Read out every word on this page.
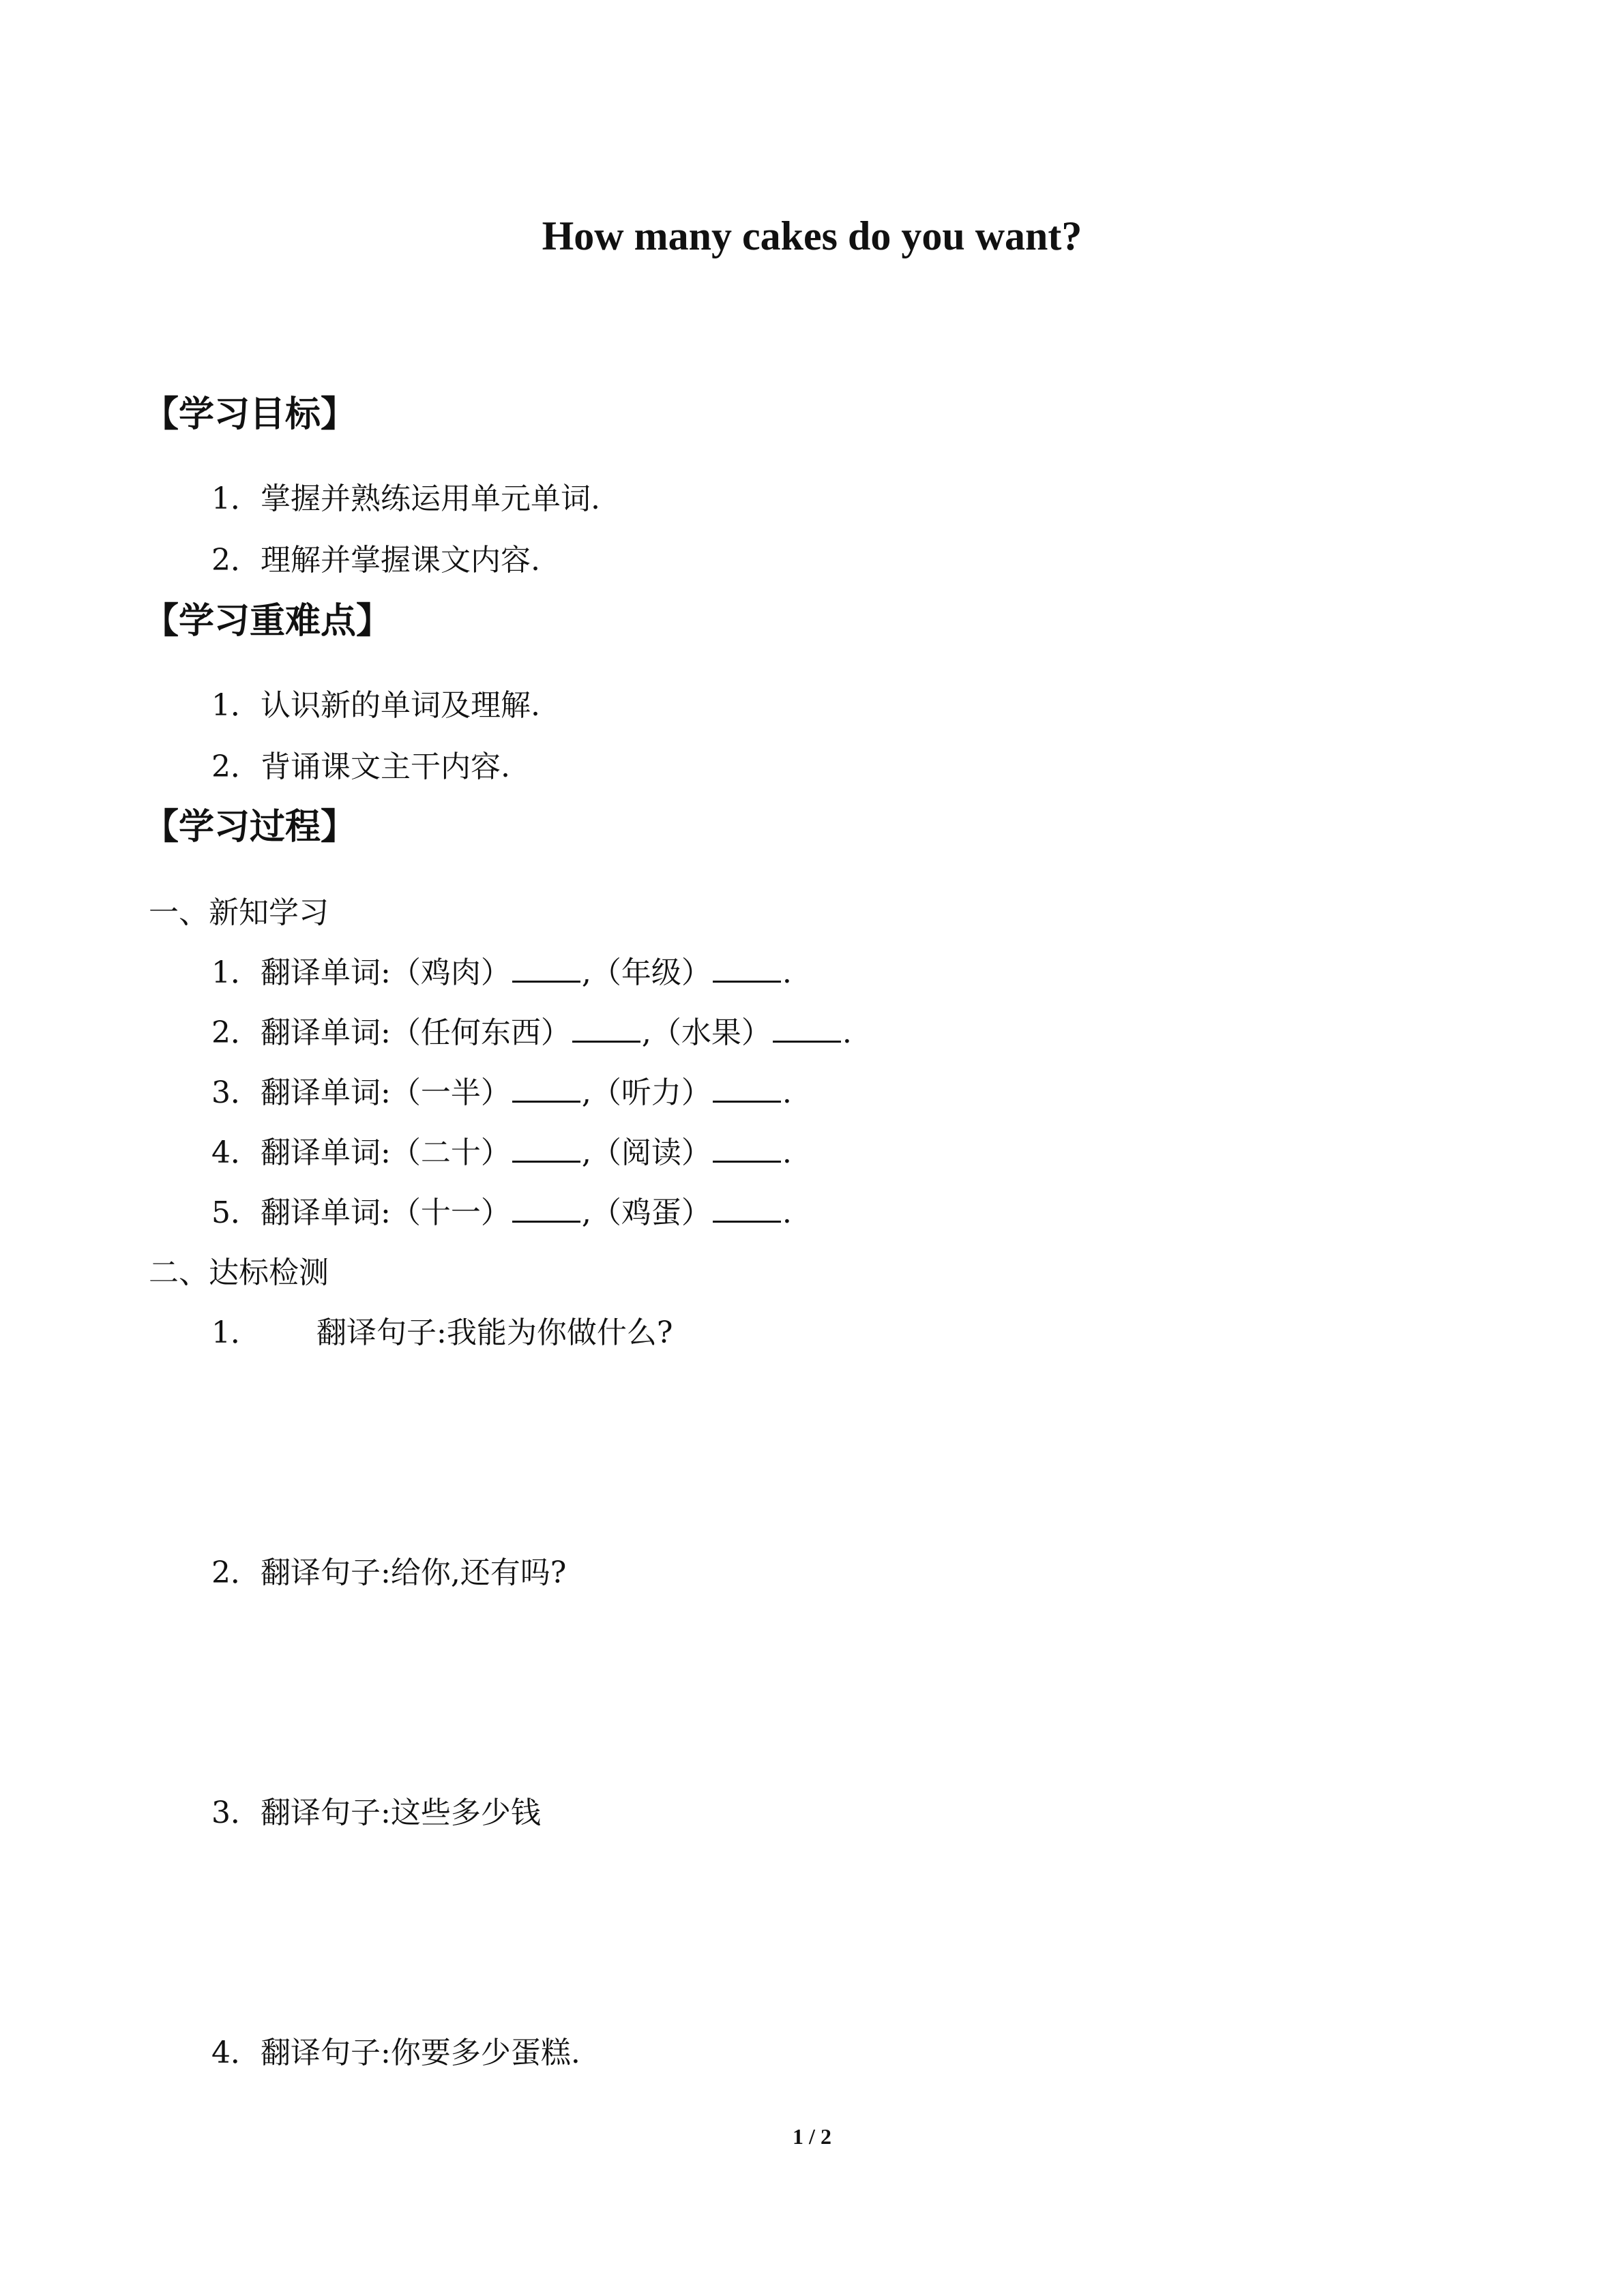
How many cakes do you want?
【学习目标】
1．掌握并熟练运用单元单词.
2．理解并掌握课文内容.
【学习重难点】
1．认识新的单词及理解.
2．背诵课文主干内容.
【学习过程】
一、新知学习
1．翻译单词:（鸡肉） ,（年级） .
2．翻译单词:（任何东西） ,（水果） .
3．翻译单词:（一半） ,（听力） .
4．翻译单词:（二十） ,（阅读） .
5．翻译单词:（十一） ,（鸡蛋） .
二、达标检测
1． 翻译句子:我能为你做什么?
2．翻译句子:给你,还有吗?
3．翻译句子:这些多少钱
4．翻译句子:你要多少蛋糕.
1 / 2
